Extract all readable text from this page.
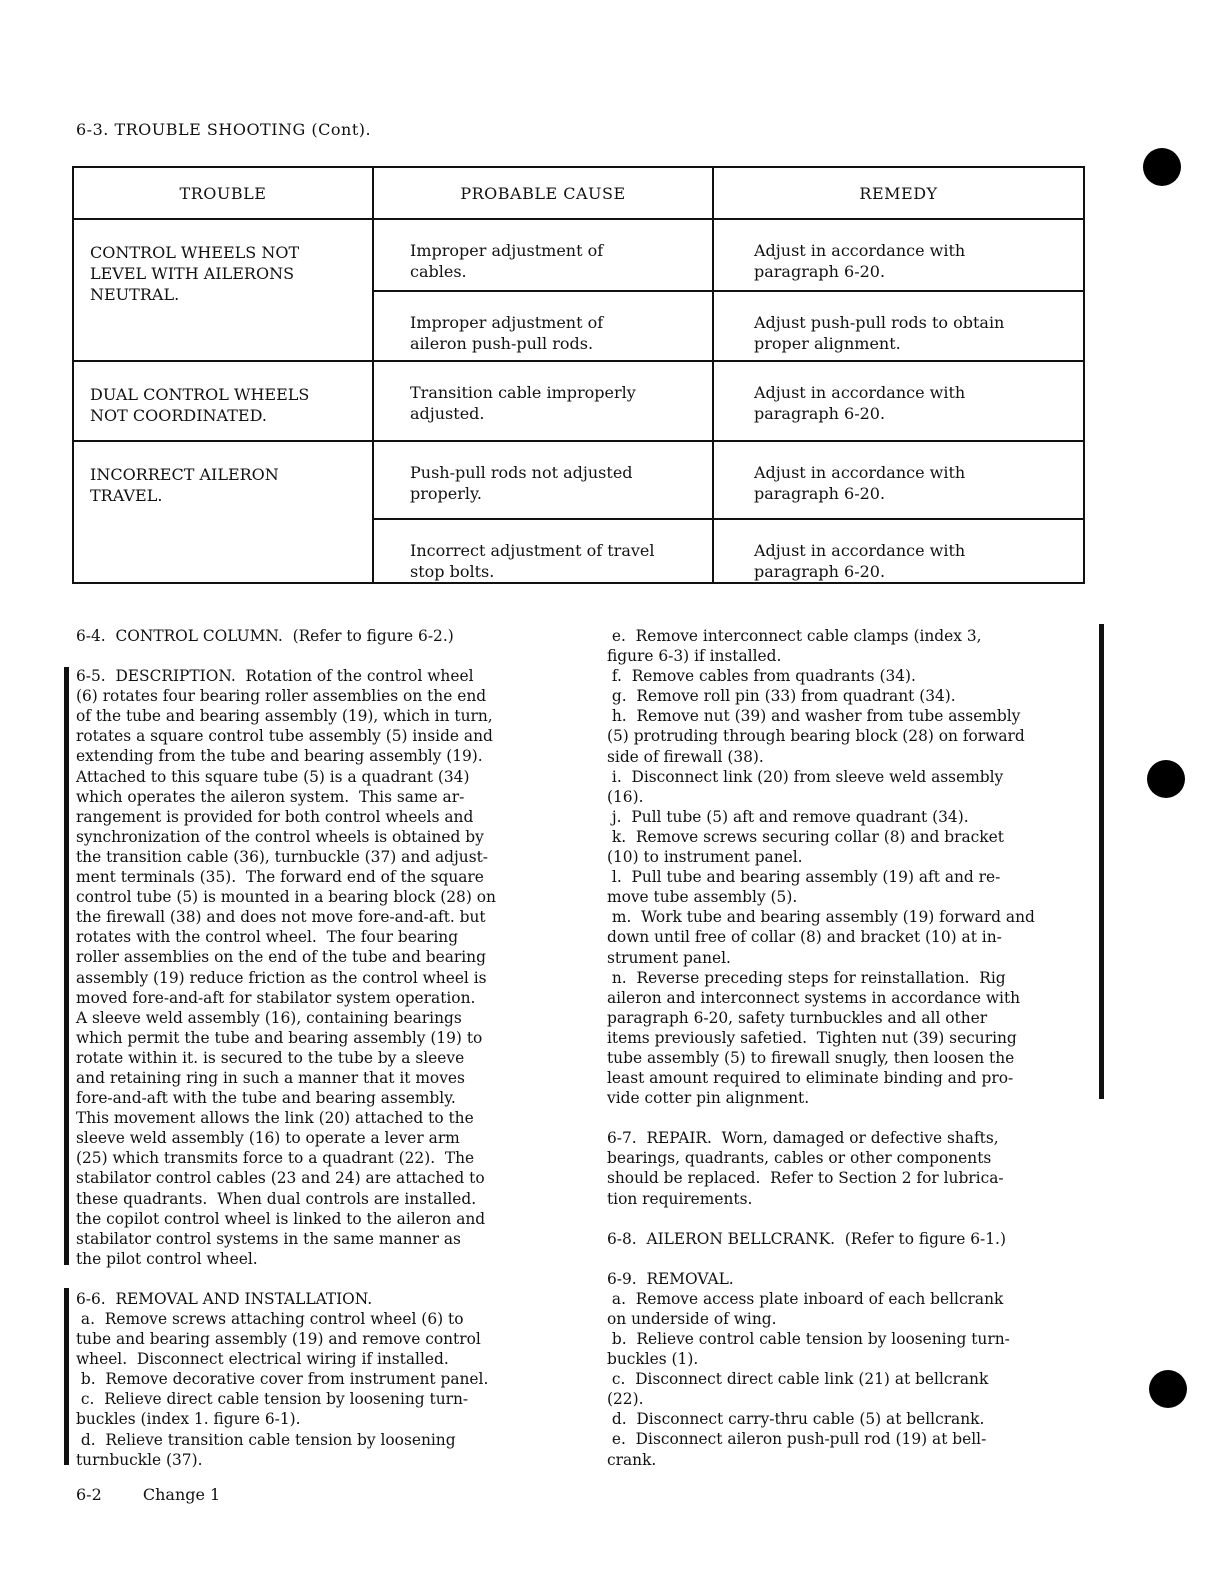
6-3. TROUBLE SHOOTING (Cont).
TROUBLE	PROBABLE CAUSE	REMEDY

CONTROL WHEELS NOT
LEVEL WITH AILERONS
NEUTRAL.	Improper adjustment of
cables.	Adjust in accordance with
paragraph 6-20.

	Improper adjustment of
aileron push-pull rods.	Adjust push-pull rods to obtain
proper alignment.

DUAL CONTROL WHEELS
NOT COORDINATED.	Transition cable improperly
adjusted.	Adjust in accordance with
paragraph 6-20.

INCORRECT AILERON
TRAVEL.	Push-pull rods not adjusted
properly.	Adjust in accordance with
paragraph 6-20.

	Incorrect adjustment of travel
stop bolts.	Adjust in accordance with
paragraph 6-20.

6-4.  CONTROL COLUMN.  (Refer to figure 6-2.)

6-5.  DESCRIPTION.  Rotation of the control wheel

(6) rotates four bearing roller assemblies on the end

of the tube and bearing assembly (19), which in turn,

rotates a square control tube assembly (5) inside and

extending from the tube and bearing assembly (19).

Attached to this square tube (5) is a quadrant (34)

which operates the aileron system.  This same ar-

rangement is provided for both control wheels and

synchronization of the control wheels is obtained by

the transition cable (36), turnbuckle (37) and adjust-

ment terminals (35).  The forward end of the square

control tube (5) is mounted in a bearing block (28) on

the firewall (38) and does not move fore-and-aft. but

rotates with the control wheel.  The four bearing

roller assemblies on the end of the tube and bearing

assembly (19) reduce friction as the control wheel is

moved fore-and-aft for stabilator system operation.

A sleeve weld assembly (16), containing bearings

which permit the tube and bearing assembly (19) to

rotate within it. is secured to the tube by a sleeve

and retaining ring in such a manner that it moves

fore-and-aft with the tube and bearing assembly.

This movement allows the link (20) attached to the

sleeve weld assembly (16) to operate a lever arm

(25) which transmits force to a quadrant (22).  The

stabilator control cables (23 and 24) are attached to

these quadrants.  When dual controls are installed.

the copilot control wheel is linked to the aileron and

stabilator control systems in the same manner as

the pilot control wheel.

6-6.  REMOVAL AND INSTALLATION.

a.  Remove screws attaching control wheel (6) to

tube and bearing assembly (19) and remove control

wheel.  Disconnect electrical wiring if installed.

b.  Remove decorative cover from instrument panel.

c.  Relieve direct cable tension by loosening turn-

buckles (index 1. figure 6-1).

d.  Relieve transition cable tension by loosening

turnbuckle (37).

e.  Remove interconnect cable clamps (index 3,

figure 6-3) if installed.

f.  Remove cables from quadrants (34).

g.  Remove roll pin (33) from quadrant (34).

h.  Remove nut (39) and washer from tube assembly

(5) protruding through bearing block (28) on forward

side of firewall (38).

i.  Disconnect link (20) from sleeve weld assembly

(16).

j.  Pull tube (5) aft and remove quadrant (34).

k.  Remove screws securing collar (8) and bracket

(10) to instrument panel.

l.  Pull tube and bearing assembly (19) aft and re-

move tube assembly (5).

m.  Work tube and bearing assembly (19) forward and

down until free of collar (8) and bracket (10) at in-

strument panel.

n.  Reverse preceding steps for reinstallation.  Rig

aileron and interconnect systems in accordance with

paragraph 6-20, safety turnbuckles and all other

items previously safetied.  Tighten nut (39) securing

tube assembly (5) to firewall snugly, then loosen the

least amount required to eliminate binding and pro-

vide cotter pin alignment.

6-7.  REPAIR.  Worn, damaged or defective shafts,

bearings, quadrants, cables or other components

should be replaced.  Refer to Section 2 for lubrica-

tion requirements.

6-8.  AILERON BELLCRANK.  (Refer to figure 6-1.)

6-9.  REMOVAL.

a.  Remove access plate inboard of each bellcrank

on underside of wing.

b.  Relieve control cable tension by loosening turn-

buckles (1).

c.  Disconnect direct cable link (21) at bellcrank

(22).

d.  Disconnect carry-thru cable (5) at bellcrank.

e.  Disconnect aileron push-pull rod (19) at bell-

crank.

6-2	Change 1
